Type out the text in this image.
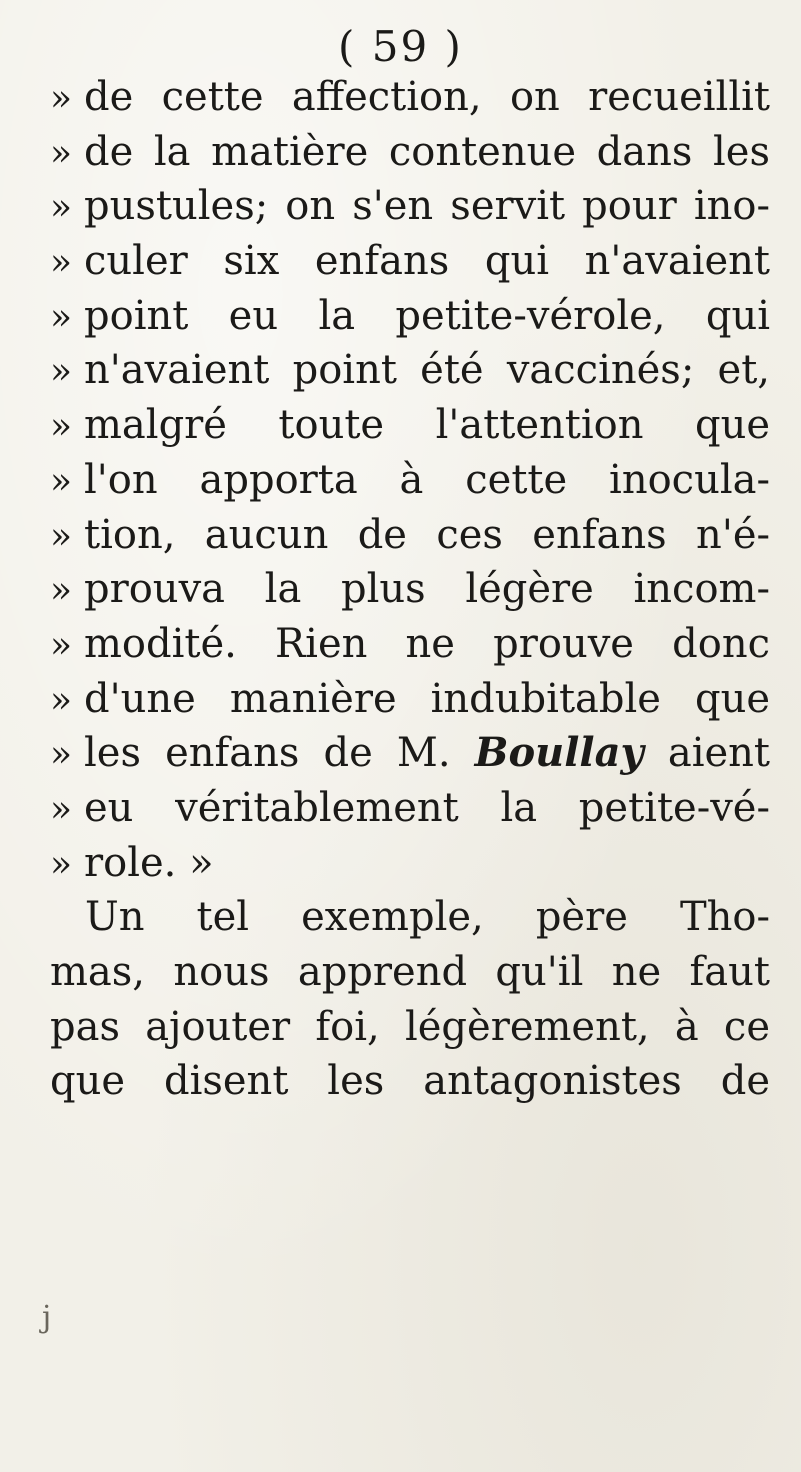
( 59 )
» de cette affection, on recueillit
» de la matière contenue dans les
» pustules; on s'en servit pour ino-
» culer six enfans qui n'avaient
» point eu la petite-vérole, qui
» n'avaient point été vaccinés; et,
» malgré toute l'attention que
» l'on apporta à cette inocula-
» tion, aucun de ces enfans n'é-
» prouva la plus légère incom-
» modité. Rien ne prouve donc
» d'une manière indubitable que
» les enfans de M. Boullay aient
» eu véritablement la petite-vé-
» role. »
Un tel exemple, père Tho-
mas, nous apprend qu'il ne faut
pas ajouter foi, légèrement, à ce
que disent les antagonistes de
j
